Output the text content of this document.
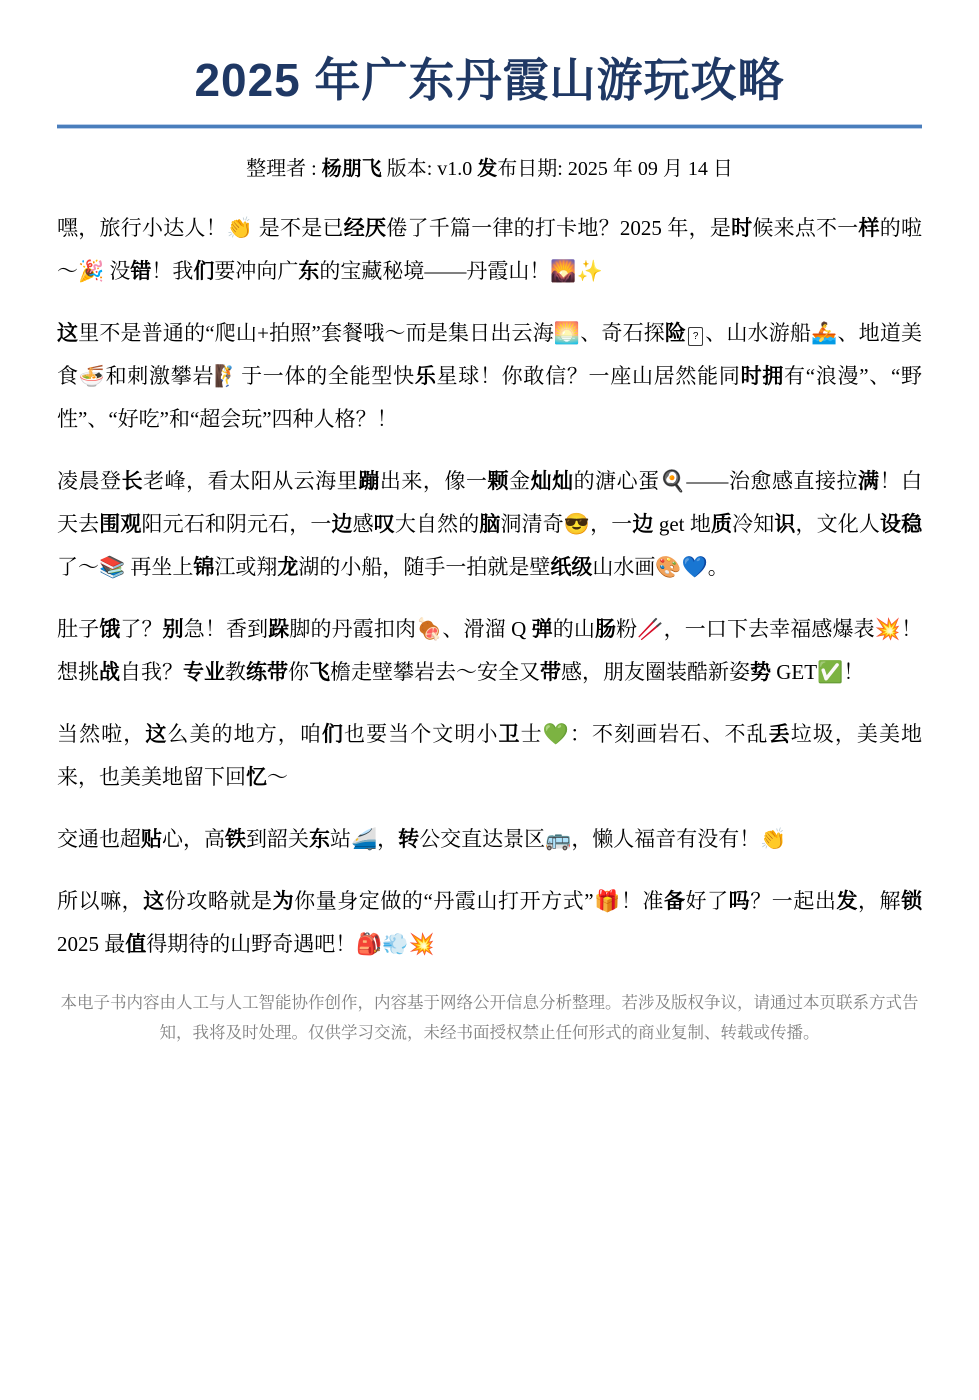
2025 年广东丹霞山游玩攻略

整理者 : 杨朋飞 版本: v1.0 发布日期: 2025 年 09 月 14 日

嘿，旅行小达人！👏 是不是已经厌倦了千篇一律的打卡地？2025 年，是时候来点不一样的啦～🎉 没错！我们要冲向广东的宝藏秘境——丹霞山！🌄✨

这里不是普通的“爬山+拍照”套餐哦～而是集日出云海🌅、奇石探险 ? 、山水游船🚣、地道美食🍜和刺激攀岩🧗于一体的全能型快乐星球！你敢信？一座山居然能同时拥有“浪漫”、“野性”、“好吃”和“超会玩”四种人格？！

凌晨登长老峰，看太阳从云海里蹦出来，像一颗金灿灿的溏心蛋🍳——治愈感直接拉满！白天去围观阳元石和阴元石，一边感叹大自然的脑洞清奇😎，一边 get 地质冷知识，文化人设稳了～📚 再坐上锦江或翔龙湖的小船，随手一拍就是壁纸级山水画🎨💙。

肚子饿了？别急！香到跺脚的丹霞扣肉🍖、滑溜 Q 弹的山肠粉🥢，一口下去幸福感爆表💥！想挑战自我？专业教练带你飞檐走壁攀岩去～安全又带感，朋友圈装酷新姿势 GET✅！

当然啦，这么美的地方，咱们也要当个文明小卫士💚：不刻画岩石、不乱丢垃圾，美美地来，也美美地留下回忆～

交通也超贴心，高铁到韶关东站🚄，转公交直达景区🚌，懒人福音有没有！👏

所以嘛，这份攻略就是为你量身定做的“丹霞山打开方式”🎁！准备好了吗？一起出发，解锁 2025 最值得期待的山野奇遇吧！🎒💨💥

本电子书内容由人工与人工智能协作创作，内容基于网络公开信息分析整理。若涉及版权争议，请通过本页联系方式告知，我将及时处理。仅供学习交流，未经书面授权禁止任何形式的商业复制、转载或传播。
